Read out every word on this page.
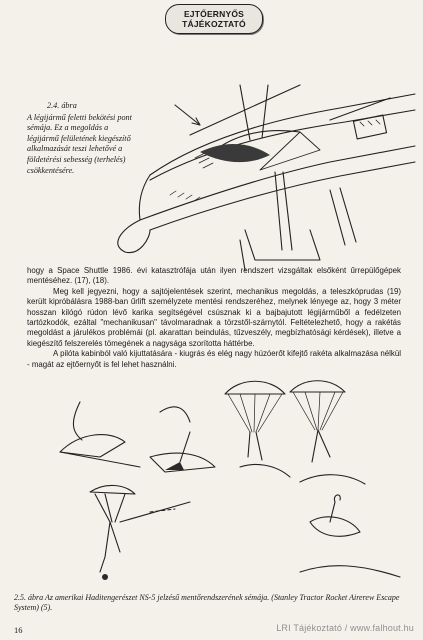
EJTŐERNYŐS
TÁJÉKOZTATÓ
2.4. ábra
A légijármű feletti bekötési pont sémája. Ez a megoldás a légijármű felületének kiegészítő alkalmazását teszi lehetővé a földetérési sebesség (terhelés) csökkentésére.

hogy a Space Shuttle 1986. évi katasztrófája után ilyen rendszert vizsgáltak elsőként űrrepülőgépek mentéséhez. (17), (18).

Meg kell jegyezni, hogy a sajtójelentések szerint, mechanikus megoldás, a teleszkóprudas (19) került kipróbálásra 1988-ban űrlift személyzete mentési rendszeréhez, melynek lényege az, hogy 3 méter hosszan kilógó rúdon lévő karika segítségével csúsznak ki a bajbajutott légijárműből a fedélzeten tartózkodók, ezáltal "mechanikusan" távolmaradnak a törzstől-szárnytól. Feltételezhető, hogy a rakétás megoldást a járulékos problémái (pl. akarattan beindulás, tűzveszély, megbízhatósági kérdések), illetve a kiegészítő felszerelés tömegének a nagysága szorította háttérbe.

A pilóta kabinból való kijuttatására - kiugrás és elég nagy húzóerőt kifejtő rakéta alkalmazása nélkül - magát az ejtőernyőt is fel lehet használni.

2.5. ábra Az amerikai Haditengerészet NS-5 jelzésű mentőrendszerének sémája. (Stanley Tractor Rocket Airerew Escape System) (5).
16	LRI Tájékoztató / www.falhout.hu
